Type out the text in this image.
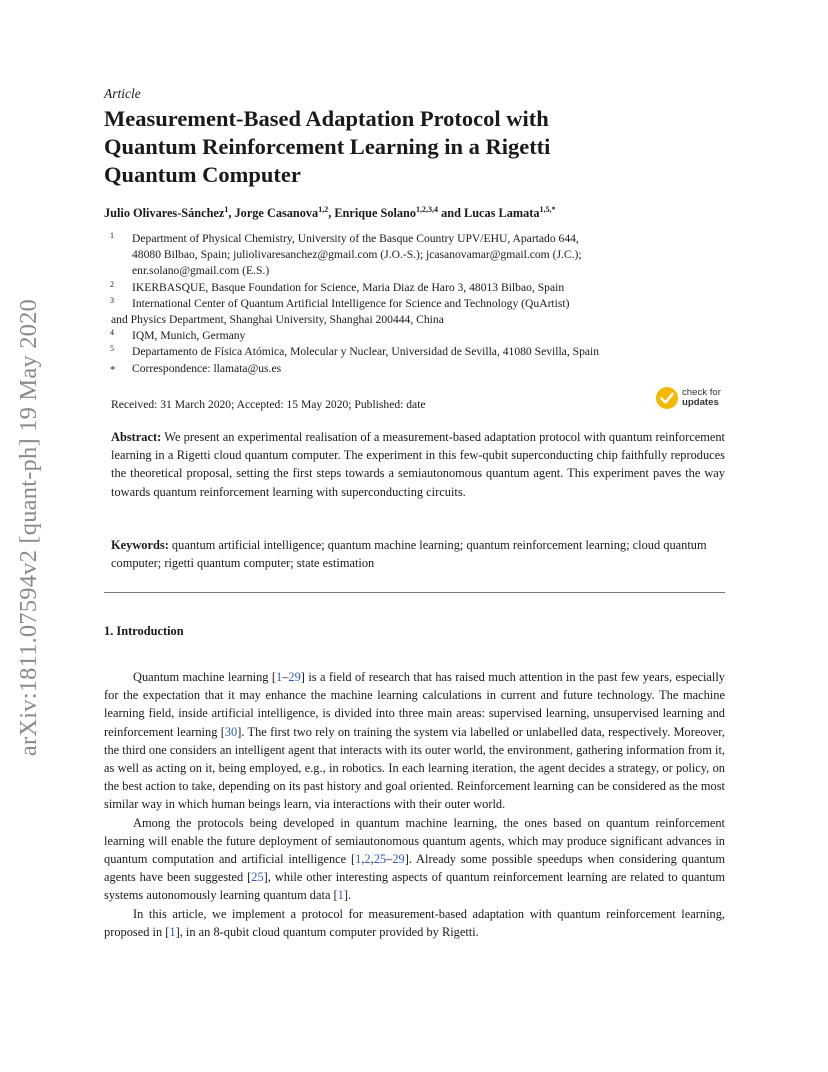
arXiv:1811.07594v2 [quant-ph] 19 May 2020
Article
Measurement-Based Adaptation Protocol with
Quantum Reinforcement Learning in a Rigetti
Quantum Computer
Julio Olivares-Sánchez$^1$, Jorge Casanova$^{1,2}$, Enrique Solano$^{1,2,3,4}$ and Lucas Lamata$^{1,5,*}$
1 Department of Physical Chemistry, University of the Basque Country UPV/EHU, Apartado 644,
48080 Bilbao, Spain; juliolivaresanchez@gmail.com (J.O.-S.); jcasanovamar@gmail.com (J.C.);
enr.solano@gmail.com (E.S.)
2 IKERBASQUE, Basque Foundation for Science, Maria Diaz de Haro 3, 48013 Bilbao, Spain
3 International Center of Quantum Artificial Intelligence for Science and Technology (QuArtist)
and Physics Department, Shanghai University, Shanghai 200444, China
4 IQM, Munich, Germany
5 Departamento de Física Atómica, Molecular y Nuclear, Universidad de Sevilla, 41080 Sevilla, Spain
* Correspondence: llamata@us.es
Received: 31 March 2020; Accepted: 15 May 2020; Published: date
check for
updates
Abstract: We present an experimental realisation of a measurement-based adaptation protocol with quantum reinforcement learning in a Rigetti cloud quantum computer. The experiment in this few-qubit superconducting chip faithfully reproduces the theoretical proposal, setting the first steps towards a semiautonomous quantum agent. This experiment paves the way towards quantum reinforcement learning with superconducting circuits.
Keywords: quantum artificial intelligence; quantum machine learning; quantum reinforcement learning; cloud quantum computer; rigetti quantum computer; state estimation
1. Introduction

Quantum machine learning [1–29] is a field of research that has raised much attention in the past few years, especially for the expectation that it may enhance the machine learning calculations in current and future technology. The machine learning field, inside artificial intelligence, is divided into three main areas: supervised learning, unsupervised learning and reinforcement learning [30]. The first two rely on training the system via labelled or unlabelled data, respectively. Moreover, the third one considers an intelligent agent that interacts with its outer world, the environment, gathering information from it, as well as acting on it, being employed, e.g., in robotics. In each learning iteration, the agent decides a strategy, or policy, on the best action to take, depending on its past history and goal oriented. Reinforcement learning can be considered as the most similar way in which human beings learn, via interactions with their outer world.

Among the protocols being developed in quantum machine learning, the ones based on quantum reinforcement learning will enable the future deployment of semiautonomous quantum agents, which may produce significant advances in quantum computation and artificial intelligence [1,2,25–29]. Already some possible speedups when considering quantum agents have been suggested [25], while other interesting aspects of quantum reinforcement learning are related to quantum systems autonomously learning quantum data [1].

In this article, we implement a protocol for measurement-based adaptation with quantum reinforcement learning, proposed in [1], in an 8-qubit cloud quantum computer provided by Rigetti.
